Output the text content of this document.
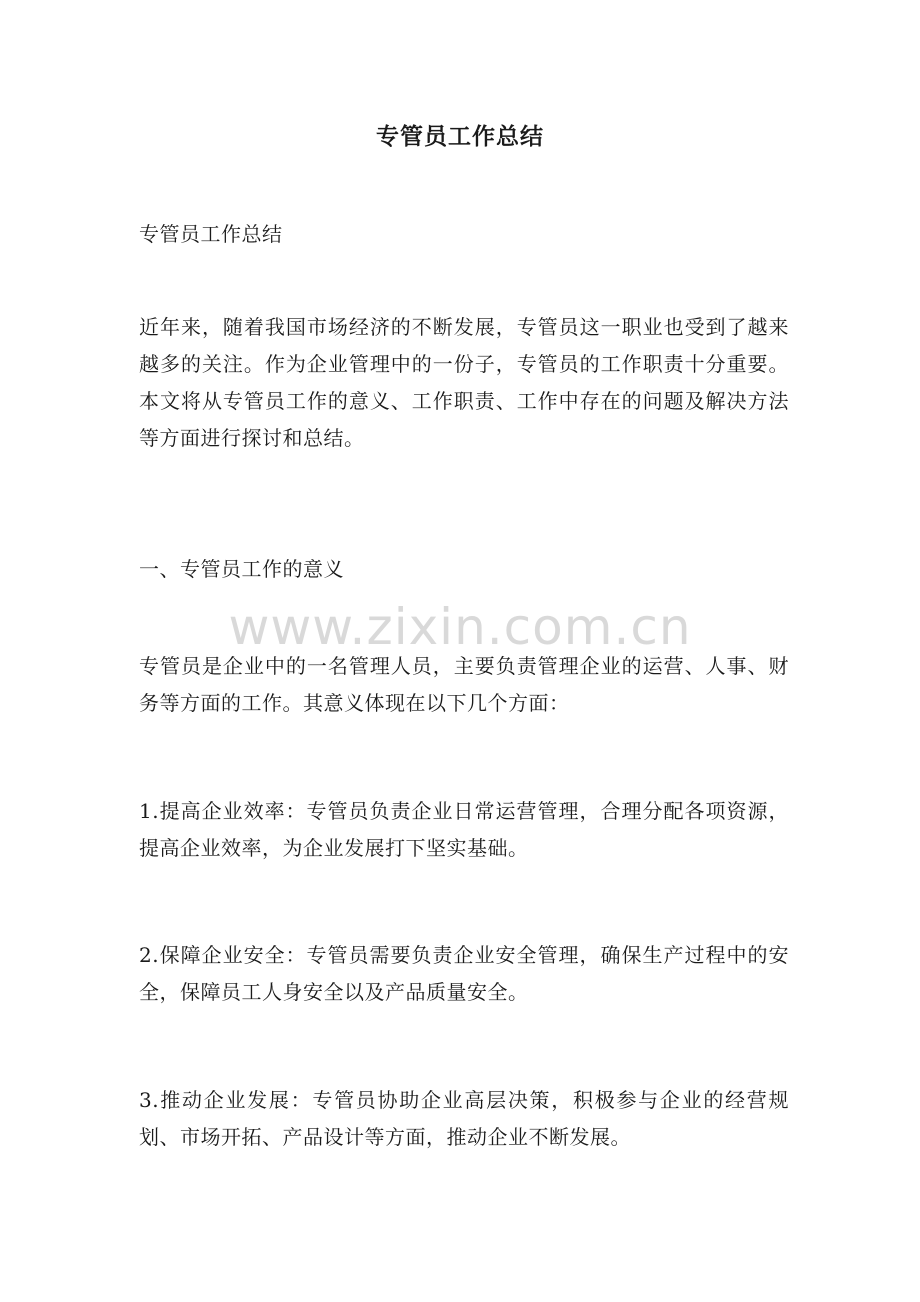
专管员工作总结

专管员工作总结

近年来，随着我国市场经济的不断发展，专管员这一职业也受到了越来越多的关注。作为企业管理中的一份子，专管员的工作职责十分重要。本文将从专管员工作的意义、工作职责、工作中存在的问题及解决方法等方面进行探讨和总结。

一、专管员工作的意义

专管员是企业中的一名管理人员，主要负责管理企业的运营、人事、财务等方面的工作。其意义体现在以下几个方面：

1.提高企业效率：专管员负责企业日常运营管理，合理分配各项资源，提高企业效率，为企业发展打下坚实基础。

2.保障企业安全：专管员需要负责企业安全管理，确保生产过程中的安全，保障员工人身安全以及产品质量安全。

3.推动企业发展：专管员协助企业高层决策，积极参与企业的经营规划、市场开拓、产品设计等方面，推动企业不断发展。

www.zixin.com.cn
